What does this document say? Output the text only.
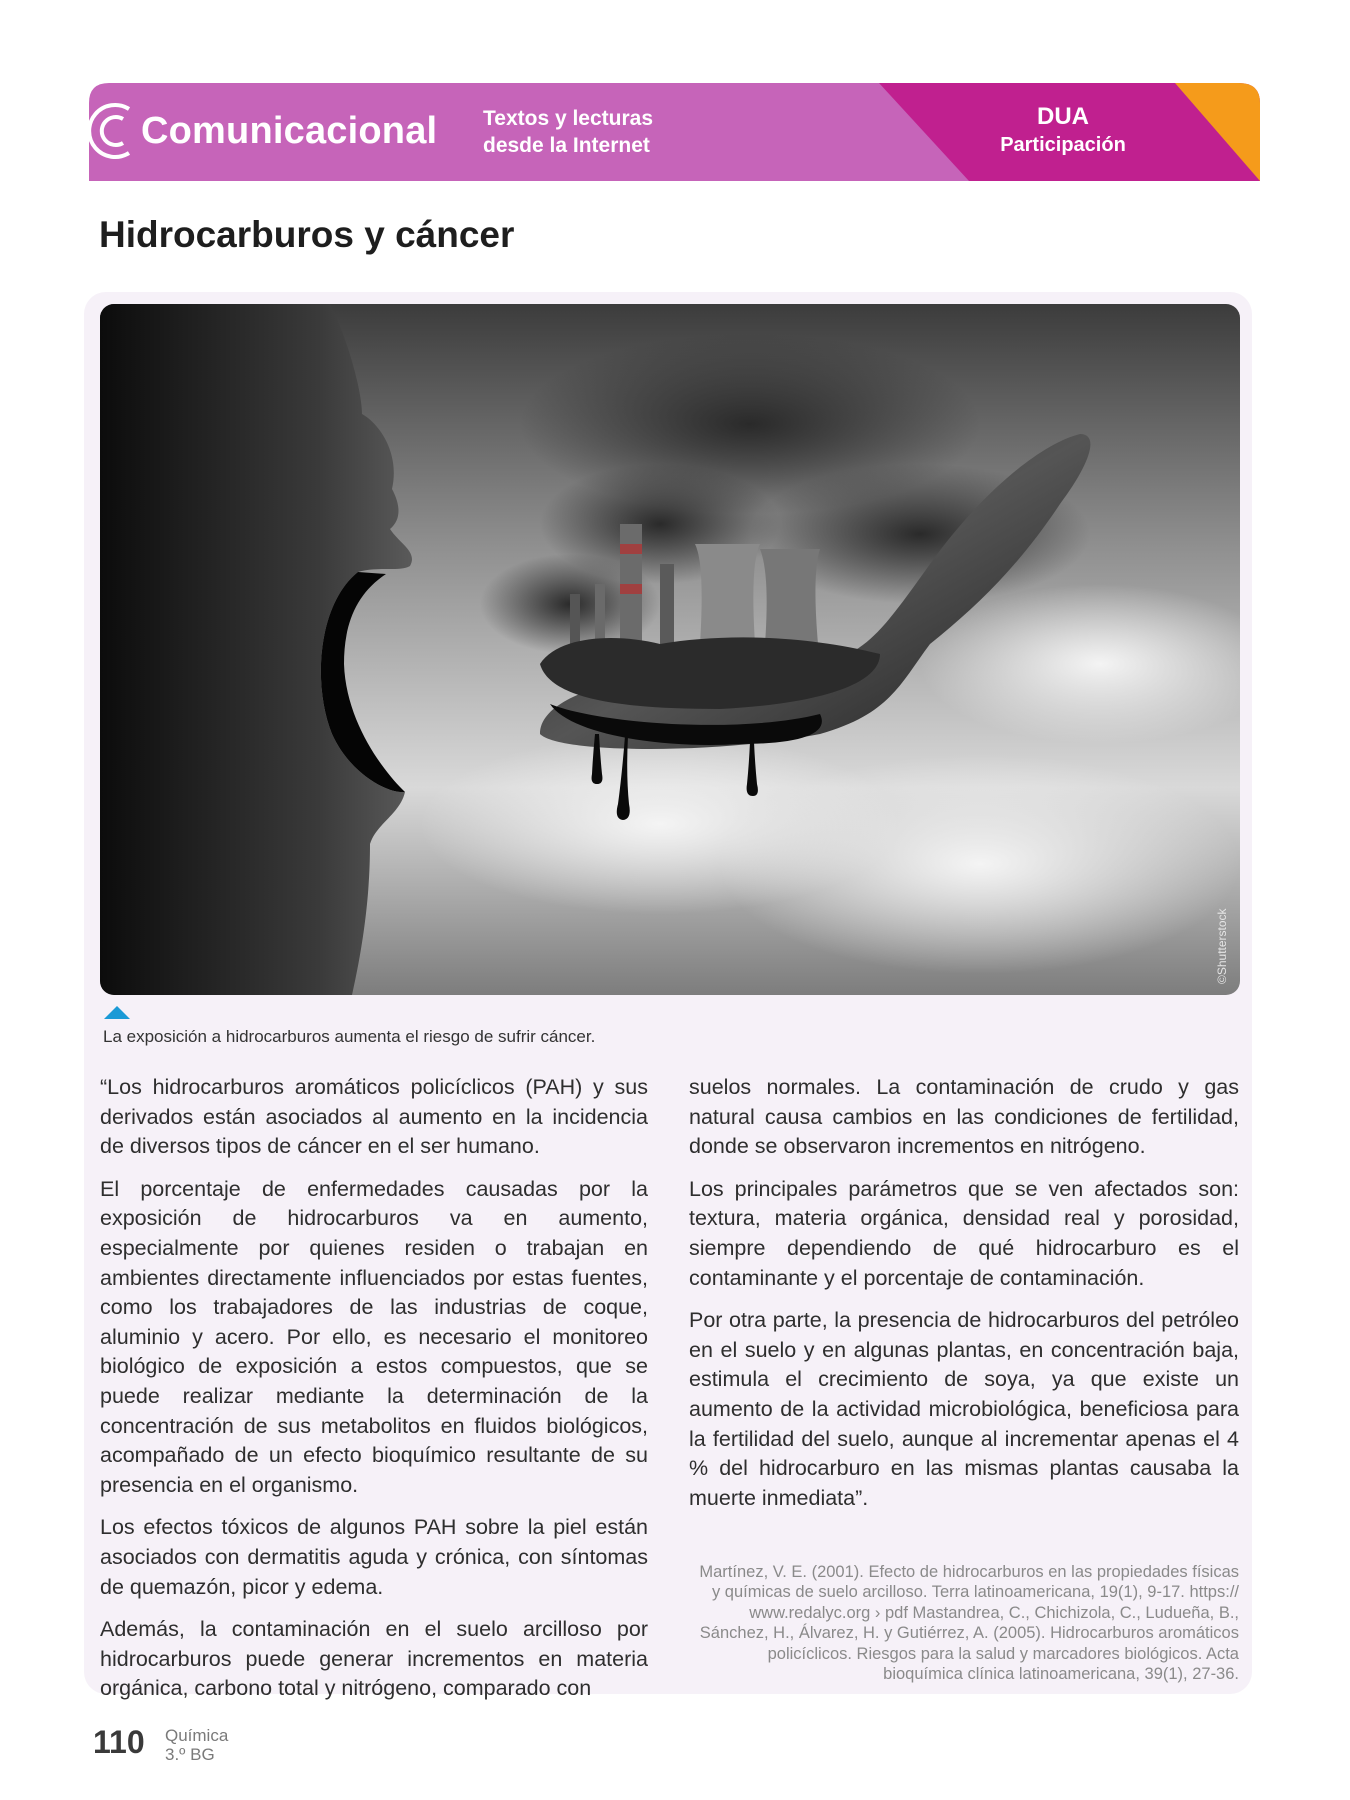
Comunicacional Textos y lecturas
desde la Internet
DUA
Participación
Hidrocarburos y cáncer
©Shutterstock
La exposición a hidrocarburos aumenta el riesgo de sufrir cáncer.

“Los hidrocarburos aromáticos policíclicos (PAH) y sus derivados están asociados al aumento en la incidencia de diversos tipos de cáncer en el ser humano.

El porcentaje de enfermedades causadas por la exposición de hidrocarburos va en aumento, especialmente por quienes residen o trabajan en ambientes directamente influenciados por estas fuentes, como los trabajadores de las industrias de coque, aluminio y acero. Por ello, es necesario el monitoreo biológico de exposición a estos compuestos, que se puede realizar mediante la determinación de la concentración de sus metabolitos en fluidos biológicos, acompañado de un efecto bioquímico resultante de su presencia en el organismo.

Los efectos tóxicos de algunos PAH sobre la piel están asociados con dermatitis aguda y crónica, con síntomas de quemazón, picor y edema.

Además, la contaminación en el suelo arcilloso por hidrocarburos puede generar incrementos en materia orgánica, carbono total y nitrógeno, comparado con

suelos normales. La contaminación de crudo y gas natural causa cambios en las condiciones de fertilidad, donde se observaron incrementos en nitrógeno.

Los principales parámetros que se ven afectados son: textura, materia orgánica, densidad real y porosidad, siempre dependiendo de qué hidrocarburo es el contaminante y el porcentaje de contaminación.

Por otra parte, la presencia de hidrocarburos del petróleo en el suelo y en algunas plantas, en concentración baja, estimula el crecimiento de soya, ya que existe un aumento de la actividad microbiológica, beneficiosa para la fertilidad del suelo, aunque al incrementar apenas el 4 % del hidrocarburo en las mismas plantas causaba la muerte inmediata”.

Martínez, V. E. (2001). Efecto de hidrocarburos en las propiedades físicas y químicas de suelo arcilloso. Terra latinoamericana, 19(1), 9-17. https:// www.redalyc.org › pdf Mastandrea, C., Chichizola, C., Ludueña, B., Sánchez, H., Álvarez, H. y Gutiérrez, A. (2005). Hidrocarburos aromáticos policíclicos. Riesgos para la salud y marcadores biológicos. Acta bioquímica clínica latinoamericana, 39(1), 27-36.
110 Química
3.º BG
